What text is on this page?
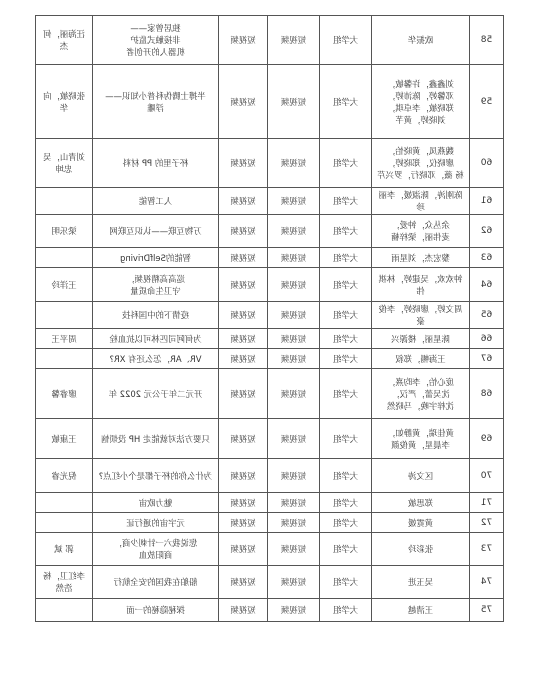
58	欧振华	大学组	短视频	短视频	独居曾家——
非接触式监护
机器人的开创者	汪海丽，何 杰

59	刘鑫鑫，许馨敏，
邓馨婷，陈沛婷，
郑晓敏，李卓琪，
刘晓婷，黄芊	大学组	短视频	短视频	半搏士腾伪科普小知识——
浮雕	张晓敏，向 华

60	魏燕凤，黄晓怡，
廖晓仪，郑晓婷，
杨 薇，邓晓行，罗兴芹	大学组	短视频	短视频	杯子里的 PP 材料	刘青山，吴
忠坤

61	陈刚涛，陈淑媛，李丽珍	大学组	短视频	短视频	人工智能	

62	余丛众，钟爱，
麦伟丽，梁梓楠	大学组	短视频	短视频	万物互联——认识互联网	梁乐明

63	黎宏杰，刘星雨	大学组	短视频	短视频	智能的SelfDriving	

64	钟欢欢，吴建婷，林祺伟	大学组	短视频	短视频	巡高高精视频，
守卫生命质量	王洋玲

65	周文婷，廖晓婷，李俊豪	大学组	短视频	短视频	疫情下的中国科技	

66	陈星丽，楼源兴	大学组	短视频	短视频	为何阿司匹林可以抗血栓	周平王

67	王海暢，郑叙	大学组	短视频	短视频	VR、AR，怎么还有 XR?	

68	庞心怡，李昀熹，
沈吴蕾，严汉，
沈梓宇晚，马晓然	大学组	短视频	短视频	开元二年于公元 2022 年	廖睿馨

69	黄佳瑞，黄静如，
李晨星，黄俊颜	大学组	短视频	短视频	只要方法对就能走 HP 没烦恼	王康敏

70	区文涛	大学组	短视频	短视频	为什么你的杯子都是个小红点?	倪光睿

71	郑思敏	大学组	短视频	短视频	魅力欧宙	

72	黄霓媛	大学组	短视频	短视频	元宇宙的通行证	

73	张彩玲	大学组	短视频	短视频	您说我六一针刺少商，
商阳放血	郭 斌

74	吴玉进	大学组	短视频	短视频	船舶在我国的安全航行	李红卫，杨
浩然

75	王清越	大学组	短视频	短视频	探秘隐秘的一面	
